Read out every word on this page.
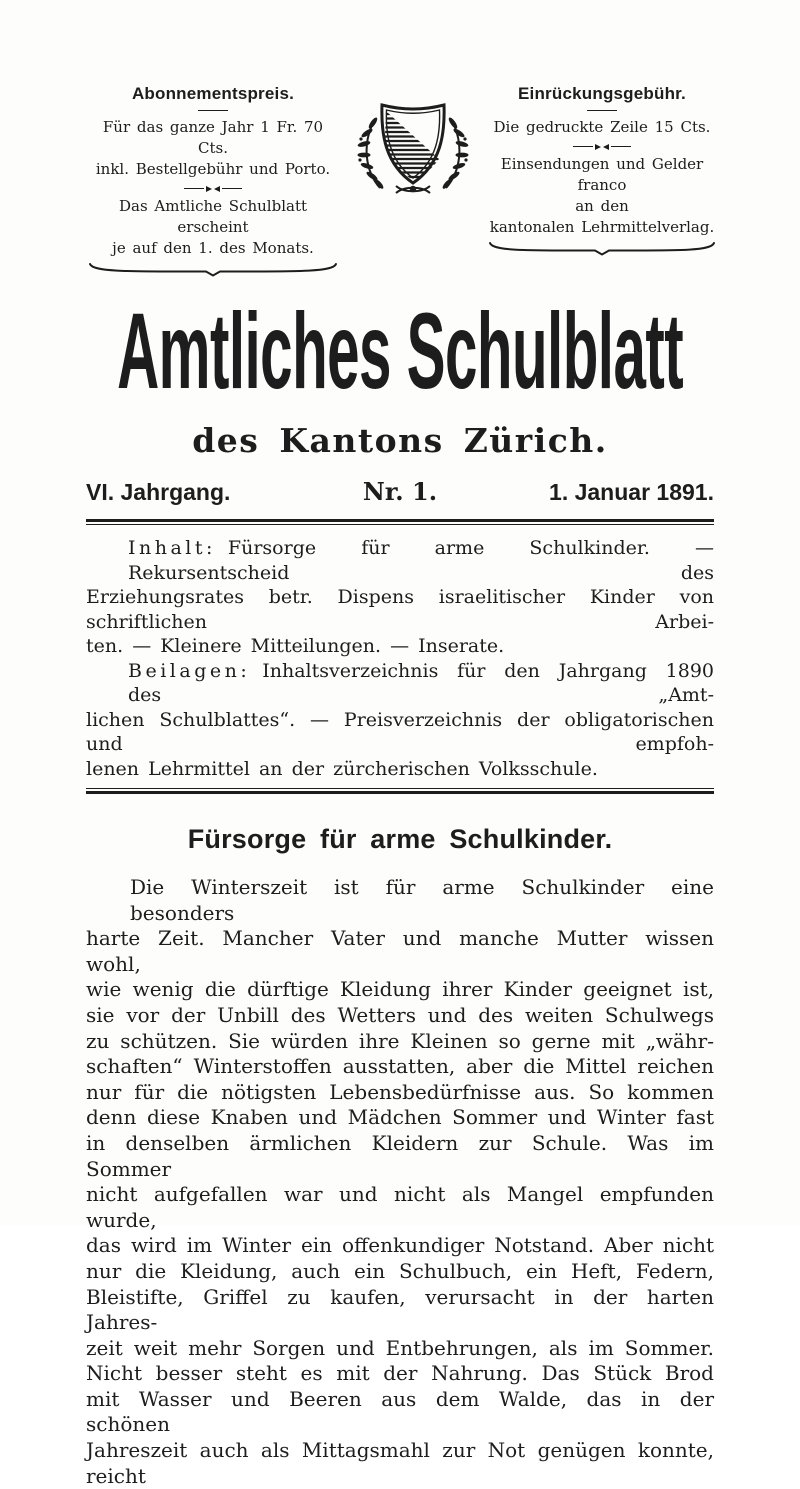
Abonnementspreis.
Für das ganze Jahr 1 Fr. 70 Cts.
inkl. Bestellgebühr und Porto.
Das Amtliche Schulblatt erscheint
je auf den 1. des Monats.
Einrückungsgebühr.
Die gedruckte Zeile 15 Cts.
Einsendungen und Gelder franco
an den
kantonalen Lehrmittelverlag.
Amtliches Schulblatt
des Kantons Zürich.
VI. Jahrgang.	Nr. 1.	1. Januar 1891.
Inhalt: Fürsorge für arme Schulkinder. — Rekursentscheid des
Erziehungsrates betr. Dispens israelitischer Kinder von schriftlichen Arbei-
ten. — Kleinere Mitteilungen. — Inserate.
Beilagen: Inhaltsverzeichnis für den Jahrgang 1890 des „Amt-
lichen Schulblattes“. — Preisverzeichnis der obligatorischen und empfoh-
lenen Lehrmittel an der zürcherischen Volksschule.
Fürsorge für arme Schulkinder.
Die Winterszeit ist für arme Schulkinder eine besonders
harte Zeit. Mancher Vater und manche Mutter wissen wohl,
wie wenig die dürftige Kleidung ihrer Kinder geeignet ist,
sie vor der Unbill des Wetters und des weiten Schulwegs
zu schützen. Sie würden ihre Kleinen so gerne mit „währ-
schaften“ Winterstoffen ausstatten, aber die Mittel reichen
nur für die nötigsten Lebensbedürfnisse aus. So kommen
denn diese Knaben und Mädchen Sommer und Winter fast
in denselben ärmlichen Kleidern zur Schule. Was im Sommer
nicht aufgefallen war und nicht als Mangel empfunden wurde,
das wird im Winter ein offenkundiger Notstand. Aber nicht
nur die Kleidung, auch ein Schulbuch, ein Heft, Federn,
Bleistifte, Griffel zu kaufen, verursacht in der harten Jahres-
zeit weit mehr Sorgen und Entbehrungen, als im Sommer.
Nicht besser steht es mit der Nahrung. Das Stück Brod
mit Wasser und Beeren aus dem Walde, das in der schönen
Jahreszeit auch als Mittagsmahl zur Not genügen konnte, reicht
